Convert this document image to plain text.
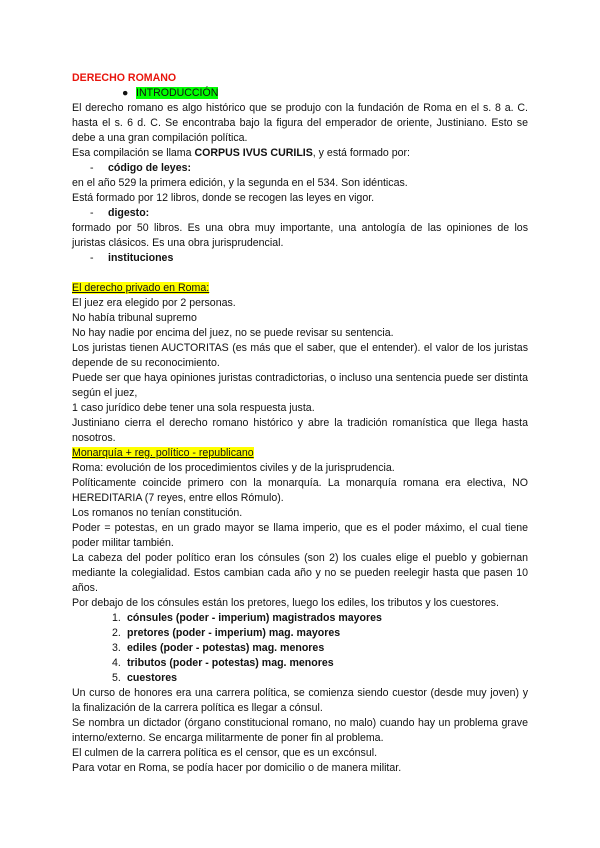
DERECHO ROMANO

● INTRODUCCIÓN

El derecho romano es algo histórico que se produjo con la fundación de Roma en el s. 8 a. C. hasta el s. 6 d. C. Se encontraba bajo la figura del emperador de oriente, Justiniano. Esto se debe a una gran compilación política.

Esa compilación se llama CORPUS IVUS CURILIS, y está formado por:

- código de leyes:

en el año 529 la primera edición, y la segunda en el 534. Son idénticas.

Está formado por 12 libros, donde se recogen las leyes en vigor.

- digesto:

formado por 50 libros. Es una obra muy importante, una antología de las opiniones de los juristas clásicos. Es una obra jurisprudencial.

- instituciones

El derecho privado en Roma:

El juez era elegido por 2 personas.

No había tribunal supremo

No hay nadie por encima del juez, no se puede revisar su sentencia.

Los juristas tienen AUCTORITAS (es más que el saber, que el entender). el valor de los juristas depende de su reconocimiento.

Puede ser que haya opiniones juristas contradictorias, o incluso una sentencia puede ser distinta según el juez,

1 caso jurídico debe tener una sola respuesta justa.

Justiniano cierra el derecho romano histórico y abre la tradición romanística que llega hasta nosotros.

Monarquía + reg. político - republicano

Roma: evolución de los procedimientos civiles y de la jurisprudencia.

Políticamente coincide primero con la monarquía. La monarquía romana era electiva, NO HEREDITARIA (7 reyes, entre ellos Rómulo).

Los romanos no tenían constitución.

Poder = potestas, en un grado mayor se llama imperio, que es el poder máximo, el cual tiene poder militar también.

La cabeza del poder político eran los cónsules (son 2) los cuales elige el pueblo y gobiernan mediante la colegialidad. Estos cambian cada año y no se pueden reelegir hasta que pasen 10 años.

Por debajo de los cónsules están los pretores, luego los ediles, los tributos y los cuestores.

1. cónsules (poder - imperium) magistrados mayores
2. pretores (poder - imperium) mag. mayores
3. ediles (poder - potestas) mag. menores
4. tributos (poder - potestas) mag. menores
5. cuestores

Un curso de honores era una carrera política, se comienza siendo cuestor (desde muy joven) y la finalización de la carrera política es llegar a cónsul.

Se nombra un dictador (órgano constitucional romano, no malo) cuando hay un problema grave interno/externo. Se encarga militarmente de poner fin al problema.

El culmen de la carrera política es el censor, que es un excónsul.

Para votar en Roma, se podía hacer por domicilio o de manera militar.
